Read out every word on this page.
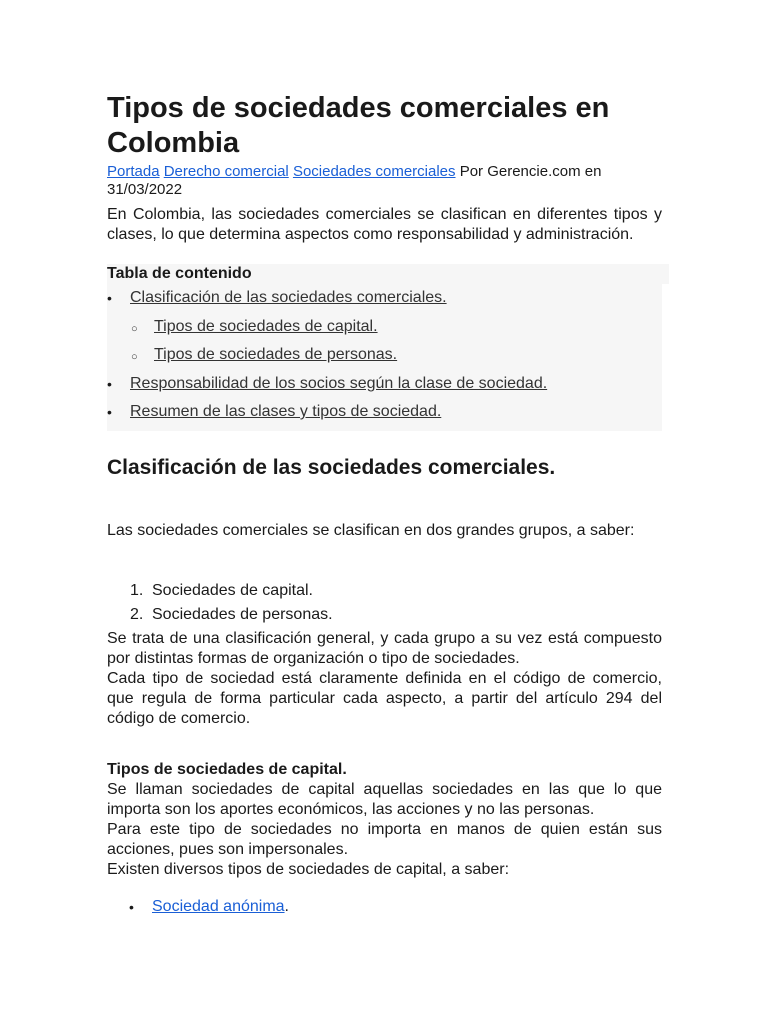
Tipos de sociedades comerciales en Colombia
Portada Derecho comercial Sociedades comerciales Por Gerencie.com en 31/03/2022

En Colombia, las sociedades comerciales se clasifican en diferentes tipos y clases, lo que determina aspectos como responsabilidad y administración.

Tabla de contenido
• Clasificación de las sociedades comerciales.
○ Tipos de sociedades de capital.
○ Tipos de sociedades de personas.
• Responsabilidad de los socios según la clase de sociedad.
• Resumen de las clases y tipos de sociedad.
Clasificación de las sociedades comerciales.

Las sociedades comerciales se clasifican en dos grandes grupos, a saber:

1. Sociedades de capital.
2. Sociedades de personas.

Se trata de una clasificación general, y cada grupo a su vez está compuesto por distintas formas de organización o tipo de sociedades.

Cada tipo de sociedad está claramente definida en el código de comercio, que regula de forma particular cada aspecto, a partir del artículo 294 del código de comercio.

Tipos de sociedades de capital.

Se llaman sociedades de capital aquellas sociedades en las que lo que importa son los aportes económicos, las acciones y no las personas.

Para este tipo de sociedades no importa en manos de quien están sus acciones, pues son impersonales.

Existen diversos tipos de sociedades de capital, a saber:

• Sociedad anónima.
